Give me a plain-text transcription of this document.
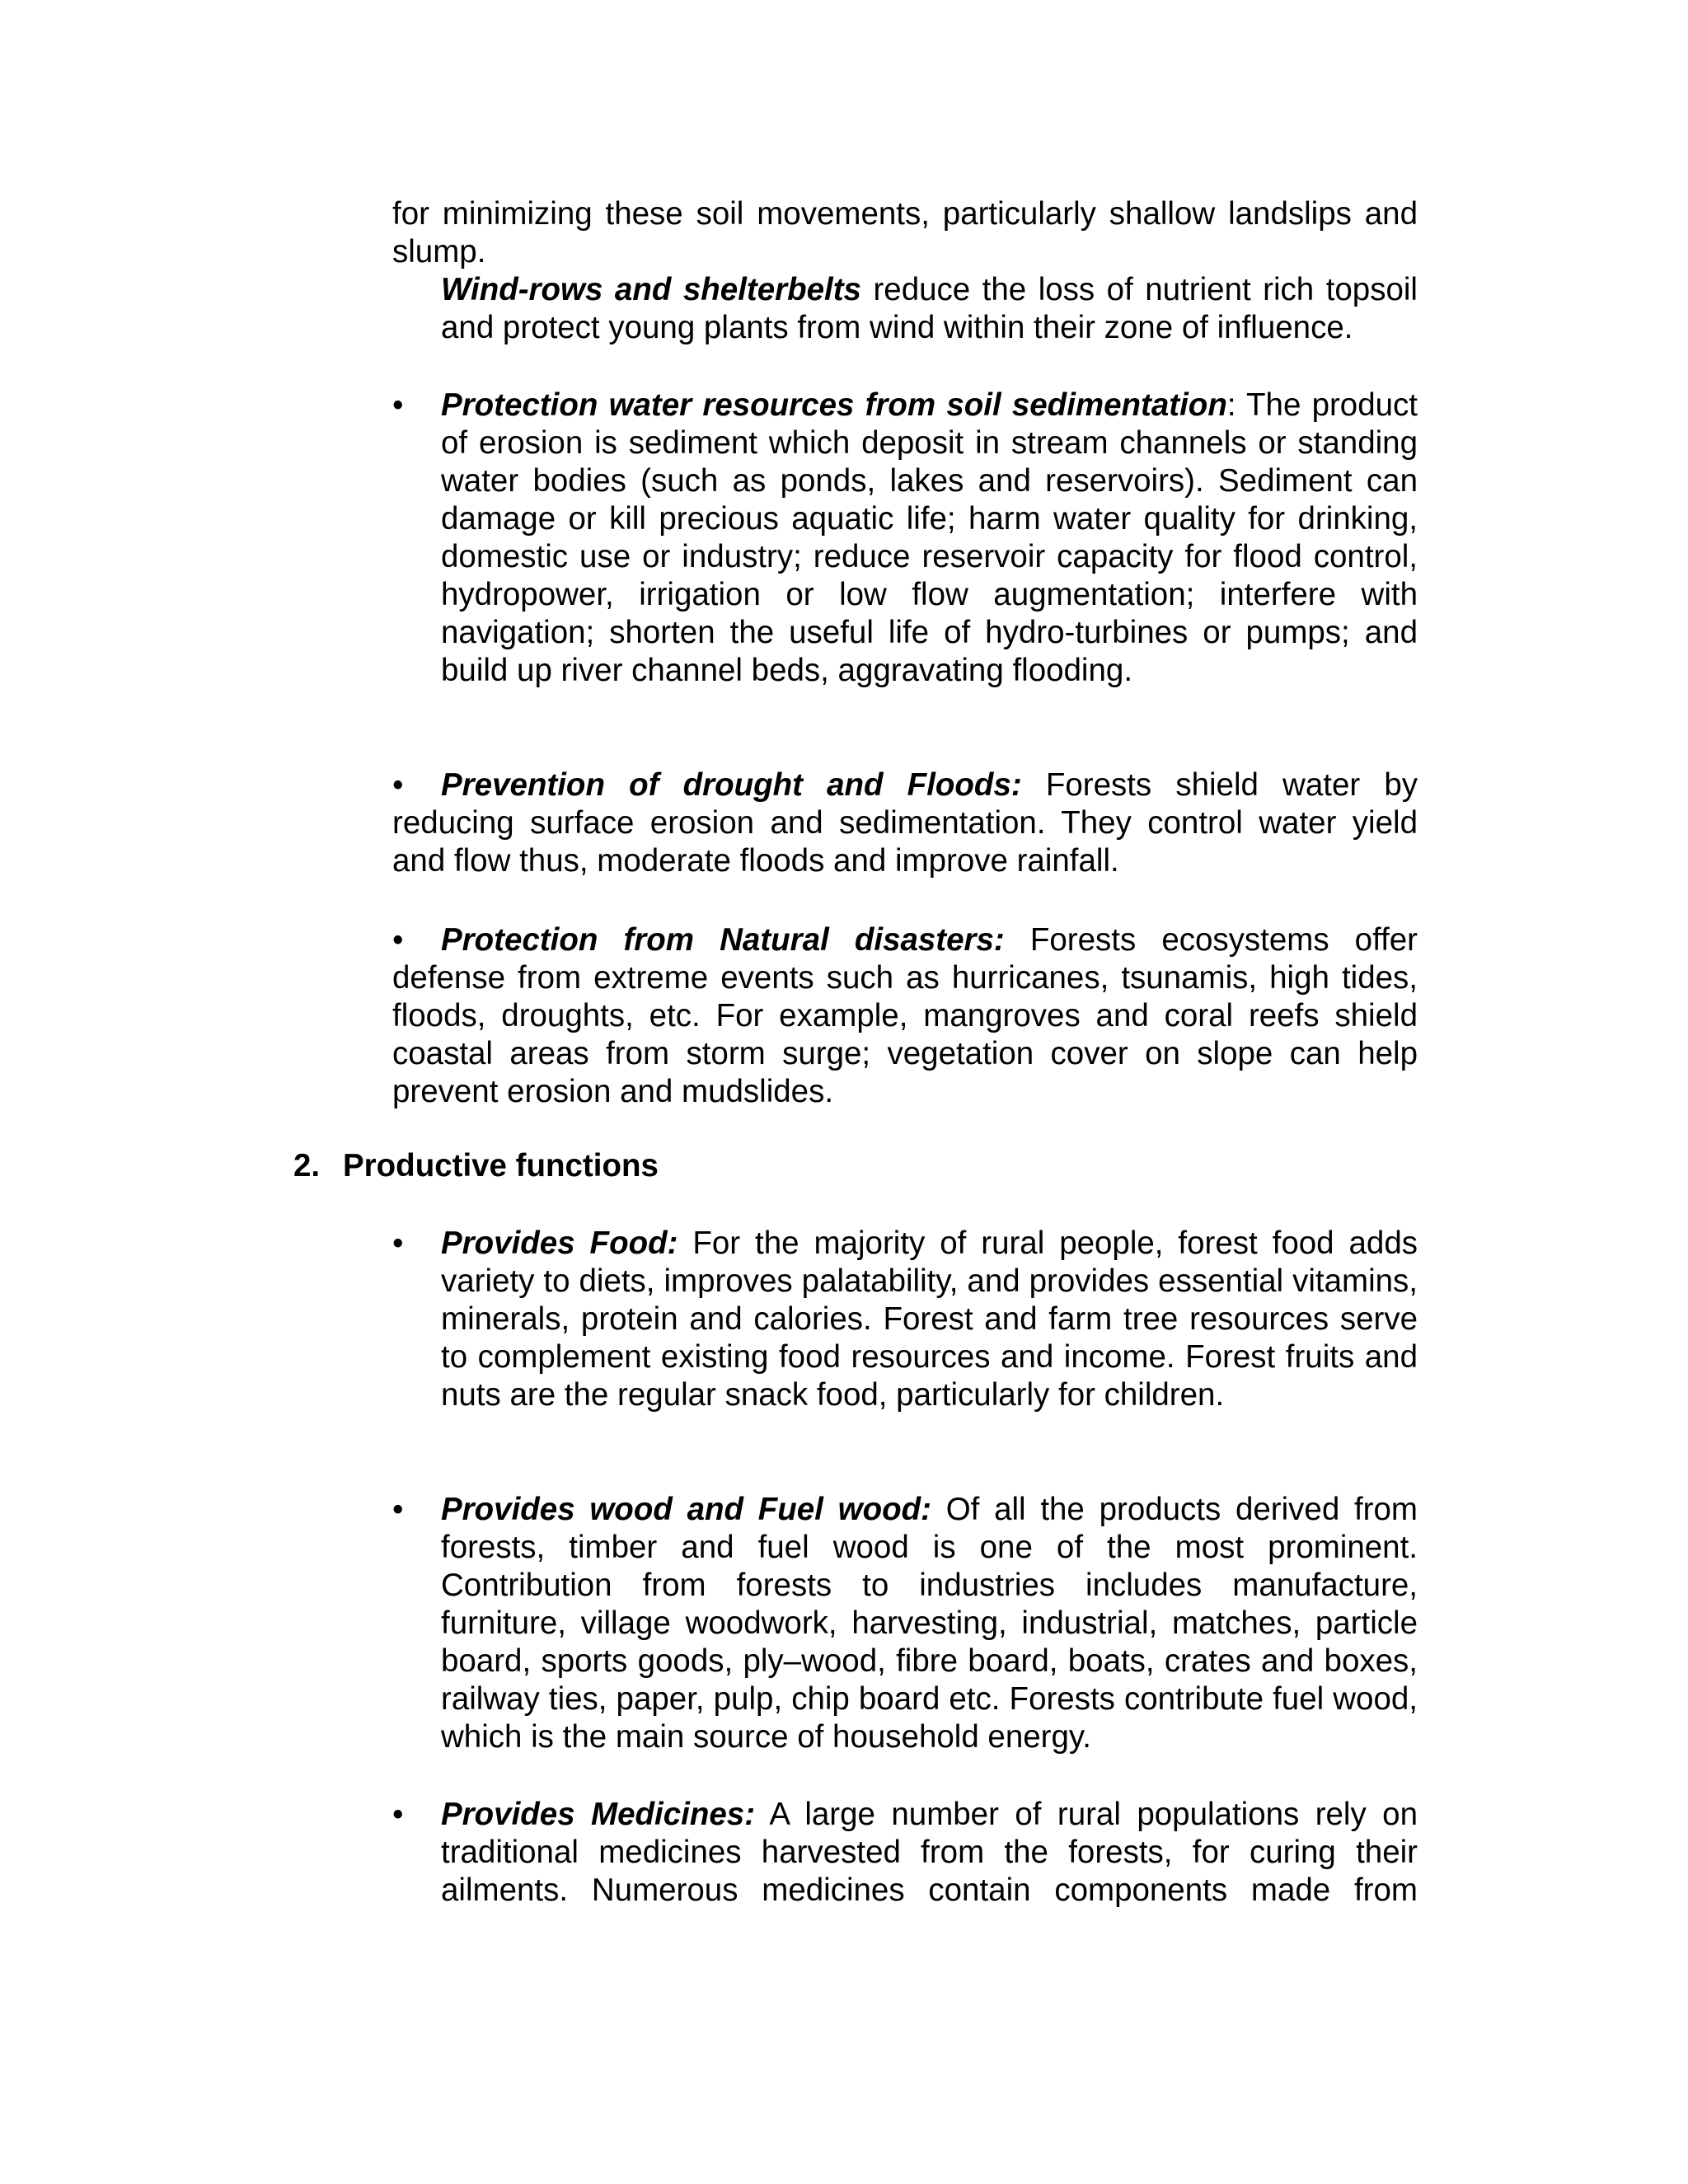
for minimizing these soil movements, particularly shallow landslips and slump.

Wind-rows and shelterbelts reduce the loss of nutrient rich topsoil and protect young plants from wind within their zone of influence.

• Protection water resources from soil sedimentation: The product of erosion is sediment which deposit in stream channels or standing water bodies (such as ponds, lakes and reservoirs). Sediment can damage or kill precious aquatic life; harm water quality for drinking, domestic use or industry; reduce reservoir capacity for flood control, hydropower, irrigation or low flow augmentation; interfere with navigation; shorten the useful life of hydro-turbines or pumps; and build up river channel beds, aggravating flooding.

•	Prevention of drought and Floods: Forests shield water by reducing surface erosion and sedimentation. They control water yield and flow thus, moderate floods and improve rainfall.

•	Protection from Natural disasters: Forests ecosystems offer defense from extreme events such as hurricanes, tsunamis, high tides, floods, droughts, etc. For example, mangroves and coral reefs shield coastal areas from storm surge; vegetation cover on slope can help prevent erosion and mudslides.

2. Productive functions
• Provides Food: For the majority of rural people, forest food adds variety to diets, improves palatability, and provides essential vitamins, minerals, protein and calories. Forest and farm tree resources serve to complement existing food resources and income. Forest fruits and nuts are the regular snack food, particularly for children.

• Provides wood and Fuel wood: Of all the products derived from forests, timber and fuel wood is one of the most prominent. Contribution from forests to industries includes manufacture, furniture, village woodwork, harvesting, industrial, matches, particle board, sports goods, ply–wood, fibre board, boats, crates and boxes, railway ties, paper, pulp, chip board etc. Forests contribute fuel wood, which is the main source of household energy.

• Provides Medicines: A large number of rural populations rely on traditional medicines harvested from the forests, for curing their ailments. Numerous medicines contain components made from
